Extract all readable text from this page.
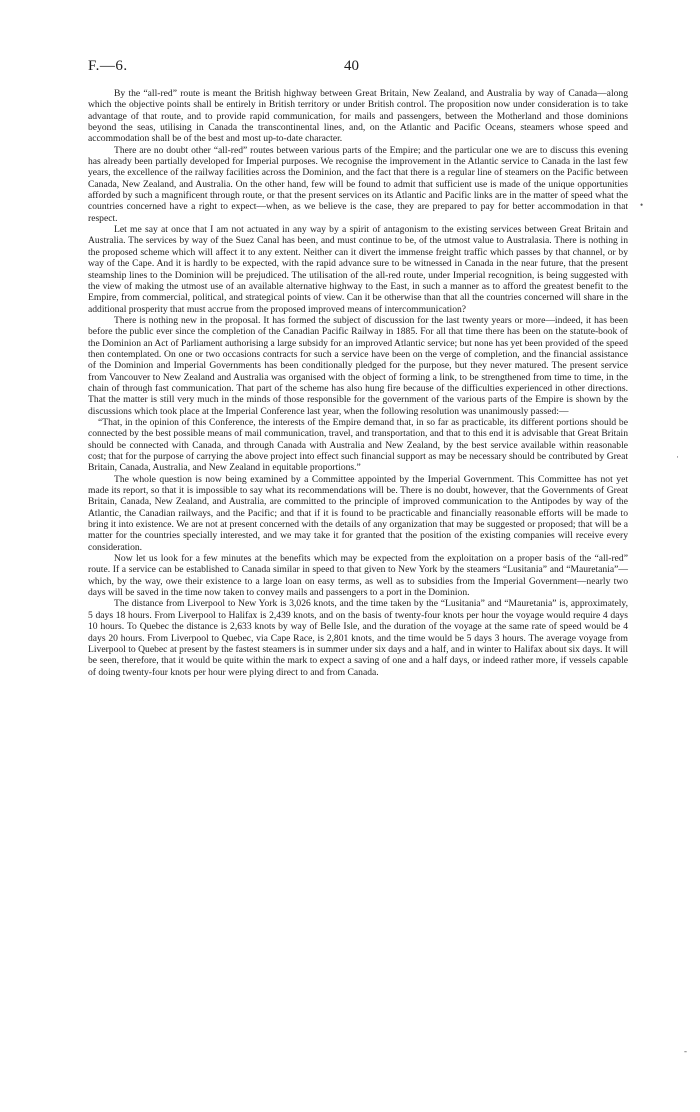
F.—6.	40

By the “all-red” route is meant the British highway between Great Britain, New Zealand, and Australia by way of Canada—along which the objective points shall be entirely in British territory or under British control. The proposition now under consideration is to take advantage of that route, and to provide rapid communication, for mails and passengers, between the Motherland and those dominions beyond the seas, utilising in Canada the transcontinental lines, and, on the Atlantic and Pacific Oceans, steamers whose speed and accommodation shall be of the best and most up-to-date character.

There are no doubt other “all-red” routes between various parts of the Empire; and the particular one we are to discuss this evening has already been partially developed for Imperial purposes. We recognise the improvement in the Atlantic service to Canada in the last few years, the excellence of the railway facilities across the Dominion, and the fact that there is a regular line of steamers on the Pacific between Canada, New Zealand, and Australia. On the other hand, few will be found to admit that sufficient use is made of the unique opportunities afforded by such a magnificent through route, or that the present services on its Atlantic and Pacific links are in the matter of speed what the countries concerned have a right to expect—when, as we believe is the case, they are prepared to pay for better accommodation in that respect.

Let me say at once that I am not actuated in any way by a spirit of antagonism to the existing services between Great Britain and Australia. The services by way of the Suez Canal has been, and must continue to be, of the utmost value to Australasia. There is nothing in the proposed scheme which will affect it to any extent. Neither can it divert the immense freight traffic which passes by that channel, or by way of the Cape. And it is hardly to be expected, with the rapid advance sure to be witnessed in Canada in the near future, that the present steamship lines to the Dominion will be prejudiced. The utilisation of the all-red route, under Imperial recognition, is being suggested with the view of making the utmost use of an available alternative highway to the East, in such a manner as to afford the greatest benefit to the Empire, from commercial, political, and strategical points of view. Can it be otherwise than that all the countries concerned will share in the additional prosperity that must accrue from the proposed improved means of intercommunication?

There is nothing new in the proposal. It has formed the subject of discussion for the last twenty years or more—indeed, it has been before the public ever since the completion of the Canadian Pacific Railway in 1885. For all that time there has been on the statute-book of the Dominion an Act of Parliament authorising a large subsidy for an improved Atlantic service; but none has yet been provided of the speed then contemplated. On one or two occasions contracts for such a service have been on the verge of completion, and the financial assistance of the Dominion and Imperial Governments has been conditionally pledged for the purpose, but they never matured. The present service from Vancouver to New Zealand and Australia was organised with the object of forming a link, to be strengthened from time to time, in the chain of through fast communication. That part of the scheme has also hung fire because of the difficulties experienced in other directions. That the matter is still very much in the minds of those responsible for the government of the various parts of the Empire is shown by the discussions which took place at the Imperial Conference last year, when the following resolution was unanimously passed:—

“That, in the opinion of this Conference, the interests of the Empire demand that, in so far as practicable, its different portions should be connected by the best possible means of mail communication, travel, and transportation, and that to this end it is advisable that Great Britain should be connected with Canada, and through Canada with Australia and New Zealand, by the best service available within reasonable cost; that for the purpose of carrying the above project into effect such financial support as may be necessary should be contributed by Great Britain, Canada, Australia, and New Zealand in equitable proportions.”

The whole question is now being examined by a Committee appointed by the Imperial Government. This Committee has not yet made its report, so that it is impossible to say what its recommendations will be. There is no doubt, however, that the Governments of Great Britain, Canada, New Zealand, and Australia, are committed to the principle of improved communication to the Antipodes by way of the Atlantic, the Canadian railways, and the Pacific; and that if it is found to be practicable and financially reasonable efforts will be made to bring it into existence. We are not at present concerned with the details of any organization that may be suggested or proposed; that will be a matter for the countries specially interested, and we may take it for granted that the position of the existing companies will receive every consideration.

Now let us look for a few minutes at the benefits which may be expected from the exploitation on a proper basis of the “all-red” route. If a service can be established to Canada similar in speed to that given to New York by the steamers “Lusitania” and “Mauretania”—which, by the way, owe their existence to a large loan on easy terms, as well as to subsidies from the Imperial Government—nearly two days will be saved in the time now taken to convey mails and passengers to a port in the Dominion.

The distance from Liverpool to New York is 3,026 knots, and the time taken by the “Lusitania” and “Mauretania” is, approximately, 5 days 18 hours. From Liverpool to Halifax is 2,439 knots, and on the basis of twenty-four knots per hour the voyage would require 4 days 10 hours. To Quebec the distance is 2,633 knots by way of Belle Isle, and the duration of the voyage at the same rate of speed would be 4 days 20 hours. From Liverpool to Quebec, via Cape Race, is 2,801 knots, and the time would be 5 days 3 hours. The average voyage from Liverpool to Quebec at present by the fastest steamers is in summer under six days and a half, and in winter to Halifax about six days. It will be seen, therefore, that it would be quite within the mark to expect a saving of one and a half days, or indeed rather more, if vessels capable of doing twenty-four knots per hour were plying direct to and from Canada.

•
·
-
